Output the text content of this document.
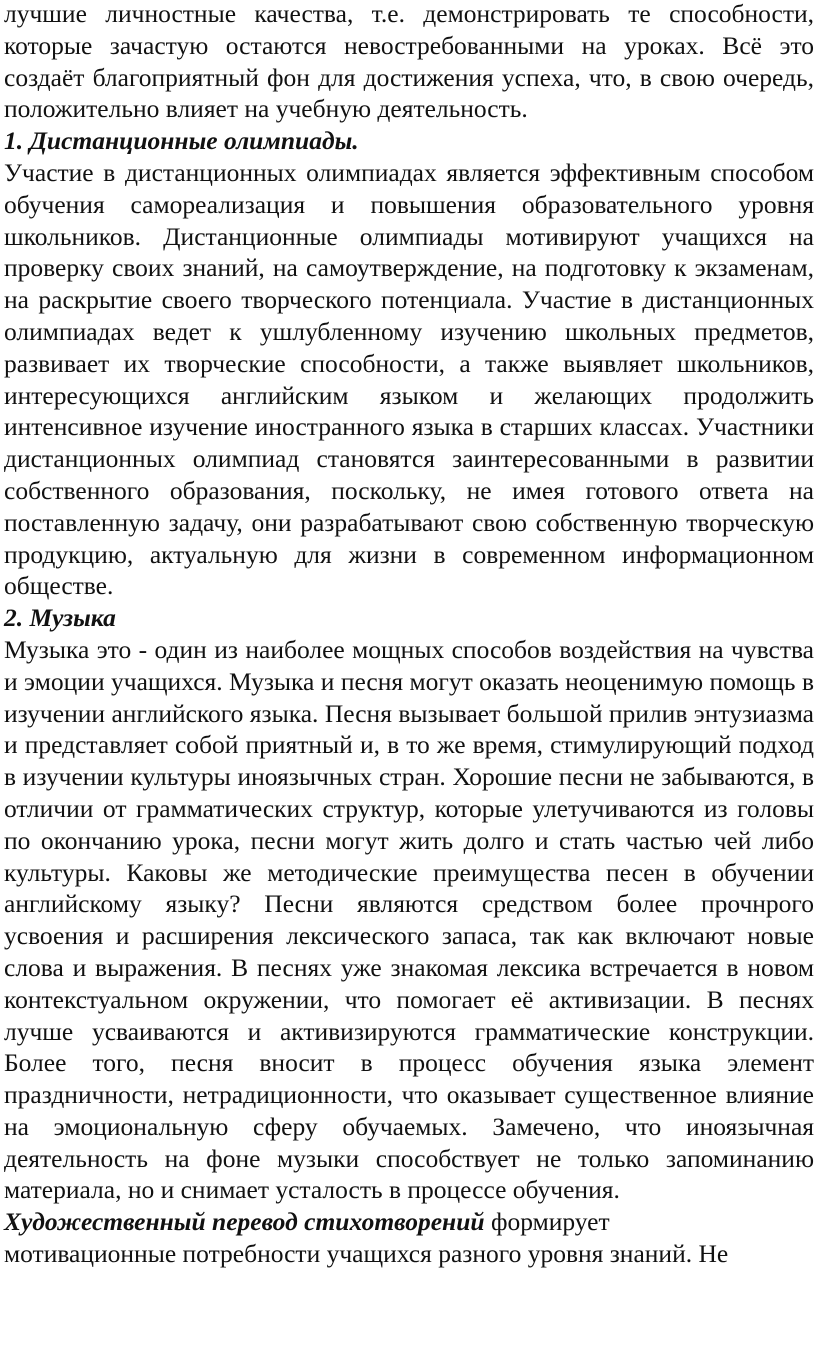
лучшие личностные качества, т.е. демонстрировать те способности, которые зачастую остаются невостребованными на уроках. Всё это создаёт благоприятный фон для достижения успеха, что, в свою очередь, положительно влияет на учебную деятельность.

1. Дистанционные олимпиады.

Участие в дистанционных олимпиадах является эффективным способом обучения самореализация и повышения образовательного уровня школьников. Дистанционные олимпиады мотивируют учащихся на проверку своих знаний, на самоутверждение, на подготовку к экзаменам, на раскрытие своего творческого потенциала. Участие в дистанционных олимпиадах ведет к ушлубленному изучению школьных предметов, развивает их творческие способности, а также выявляет школьников, интересующихся английским языком и желающих продолжить интенсивное изучение иностранного языка в старших классах. Участники дистанционных олимпиад становятся заинтересованными в развитии собственного образования, поскольку, не имея готового ответа на поставленную задачу, они разрабатывают свою собственную творческую продукцию, актуальную для жизни в современном информационном обществе.

2. Музыка

Музыка это - один из наиболее мощных способов воздействия на чувства и эмоции учащихся. Музыка и песня могут оказать неоценимую помощь в изучении английского языка. Песня вызывает большой прилив энтузиазма и представляет собой приятный и, в то же время, стимулирующий подход в изучении культуры иноязычных стран. Хорошие песни не забываются, в отличии от грамматических структур, которые улетучиваются из головы по окончанию урока, песни могут жить долго и стать частью чей либо культуры. Каковы же методические преимущества песен в обучении английскому языку? Песни являются средством более прочнрого усвоения и расширения лексического запаса, так как включают новые слова и выражения. В песнях уже знакомая лексика встречается в новом контекстуальном окружении, что помогает её активизации. В песнях лучше усваиваются и активизируются грамматические конструкции. Более того, песня вносит в процесс обучения языка элемент праздничности, нетрадиционности, что оказывает существенное влияние на эмоциональную сферу обучаемых. Замечено, что иноязычная деятельность на фоне музыки способствует не только запоминанию материала, но и снимает усталость в процессе обучения.

Художественный перевод стихотворений формирует
мотивационные потребности учащихся разного уровня знаний. Не
